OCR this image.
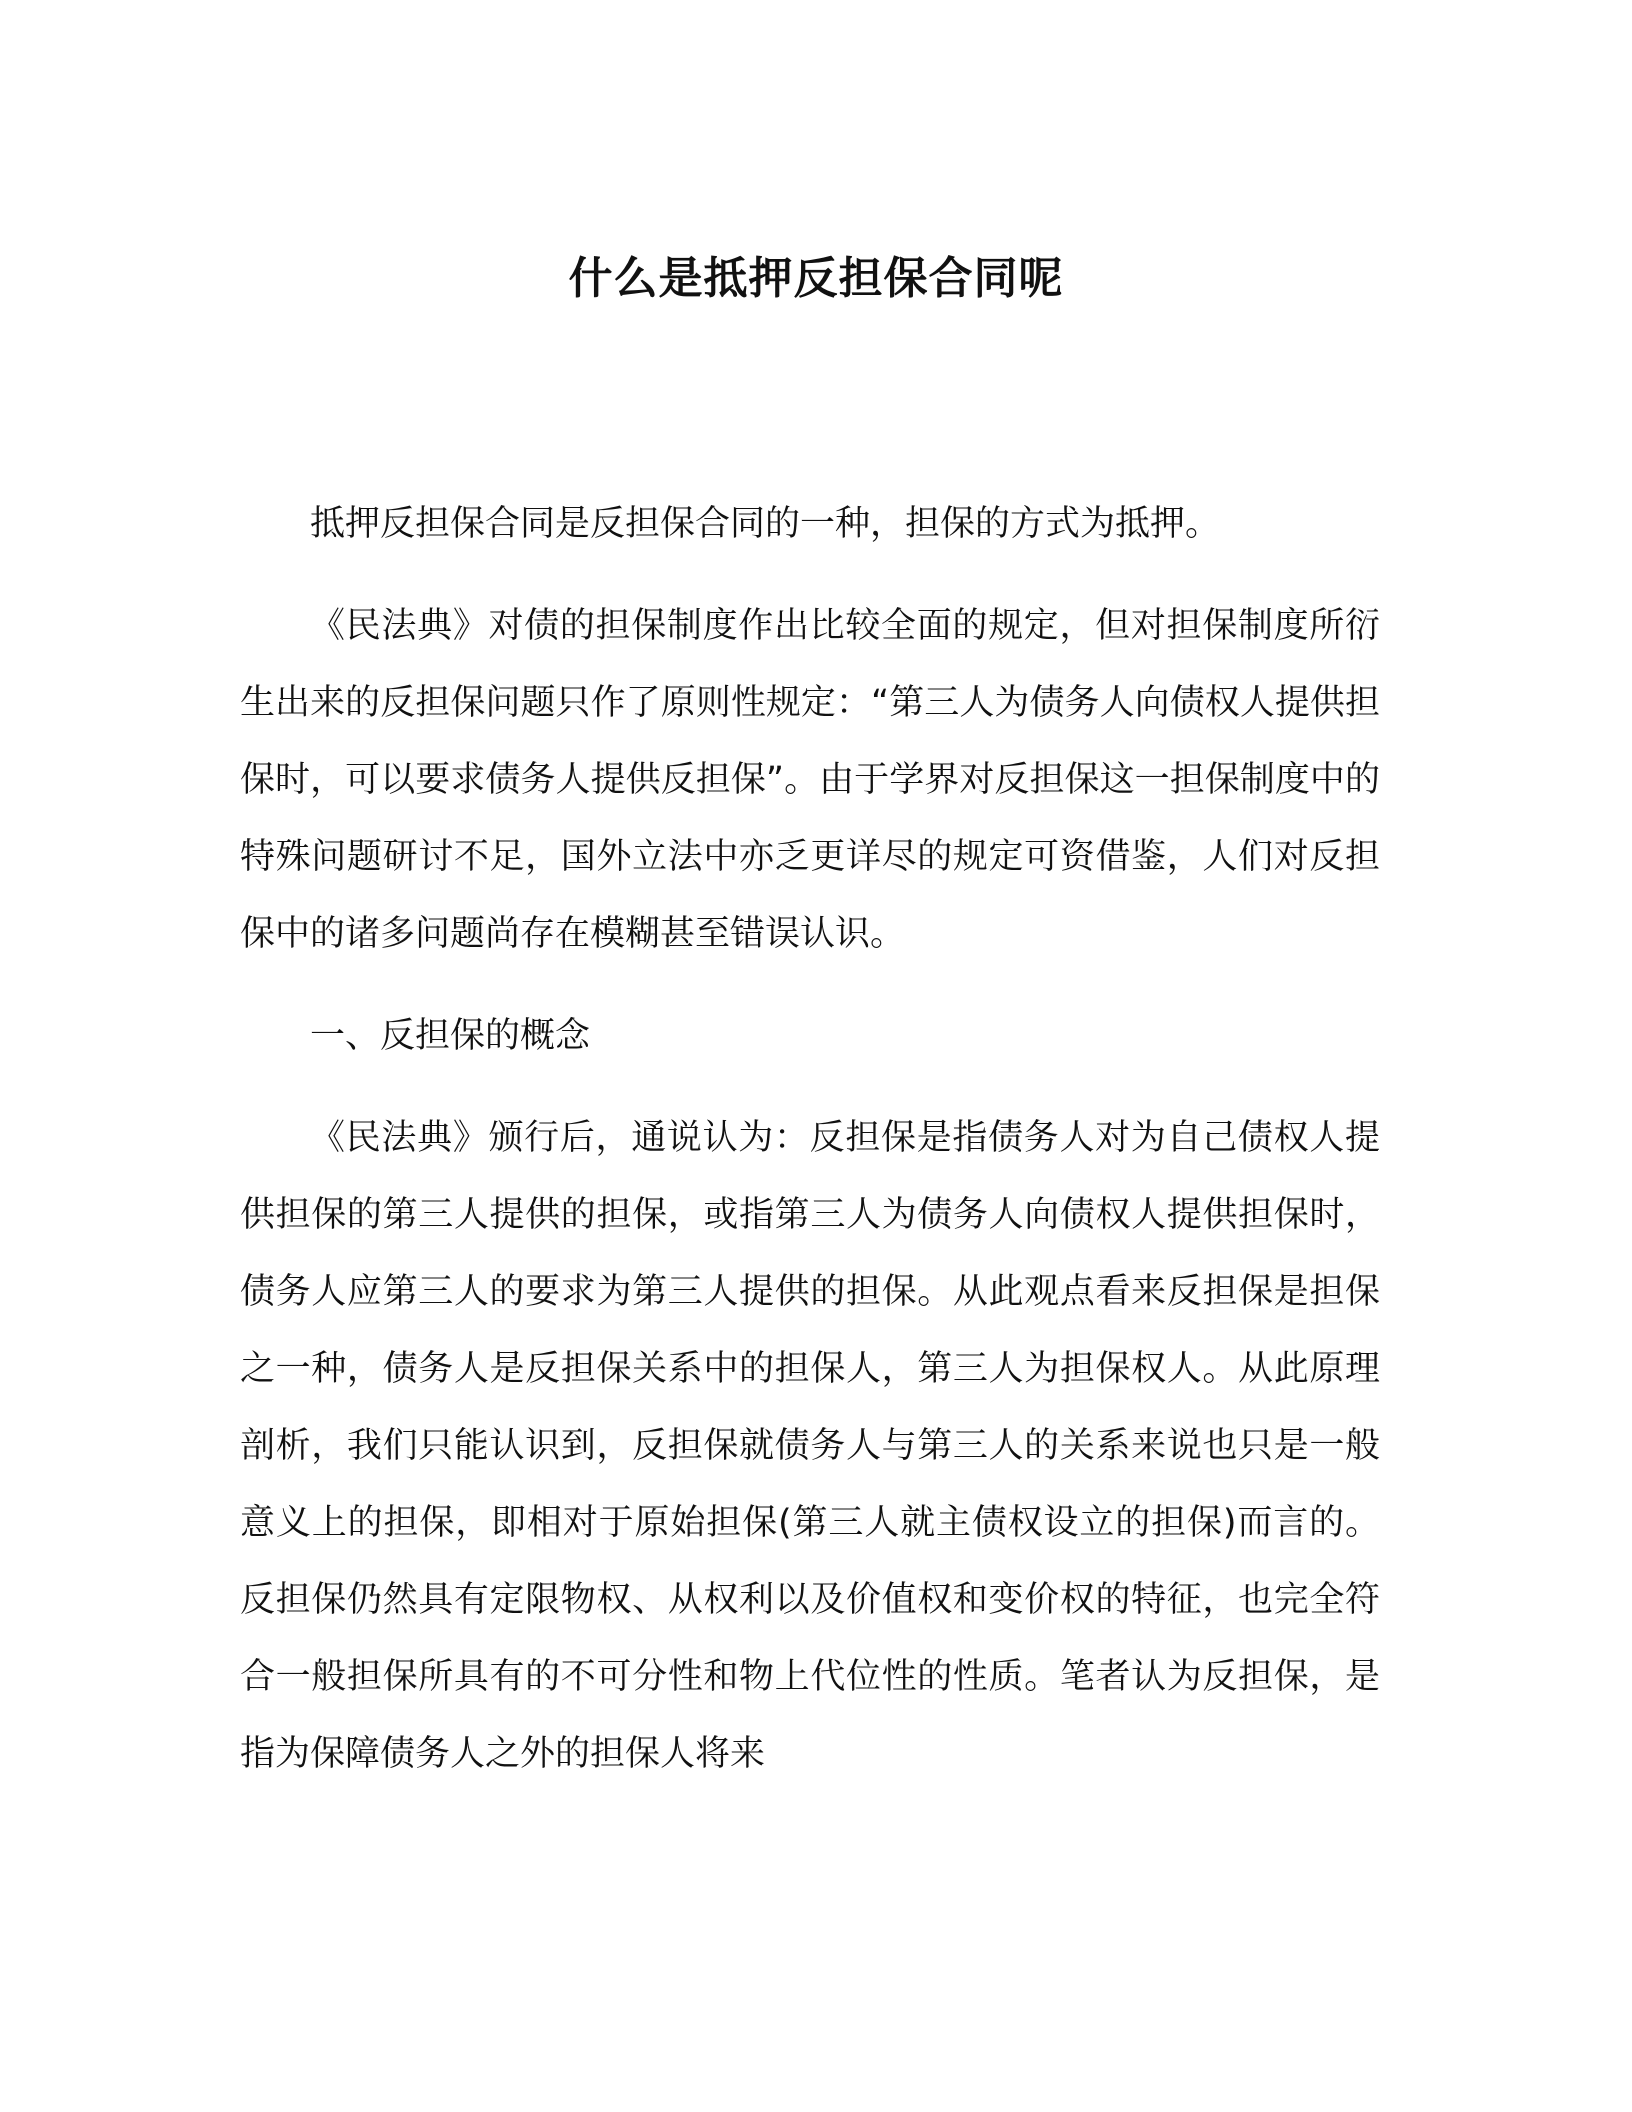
什么是抵押反担保合同呢

抵押反担保合同是反担保合同的一种，担保的方式为抵押。

《民法典》对债的担保制度作出比较全面的规定，但对担保制度所衍生出来的反担保问题只作了原则性规定：“第三人为债务人向债权人提供担保时，可以要求债务人提供反担保”。由于学界对反担保这一担保制度中的特殊问题研讨不足，国外立法中亦乏更详尽的规定可资借鉴，人们对反担保中的诸多问题尚存在模糊甚至错误认识。

一、反担保的概念

《民法典》颁行后，通说认为：反担保是指债务人对为自己债权人提供担保的第三人提供的担保，或指第三人为债务人向债权人提供担保时，债务人应第三人的要求为第三人提供的担保。从此观点看来反担保是担保之一种，债务人是反担保关系中的担保人，第三人为担保权人。从此原理剖析，我们只能认识到，反担保就债务人与第三人的关系来说也只是一般意义上的担保，即相对于原始担保(第三人就主债权设立的担保)而言的。反担保仍然具有定限物权、从权利以及价值权和变价权的特征，也完全符合一般担保所具有的不可分性和物上代位性的性质。笔者认为反担保，是指为保障债务人之外的担保人将来
